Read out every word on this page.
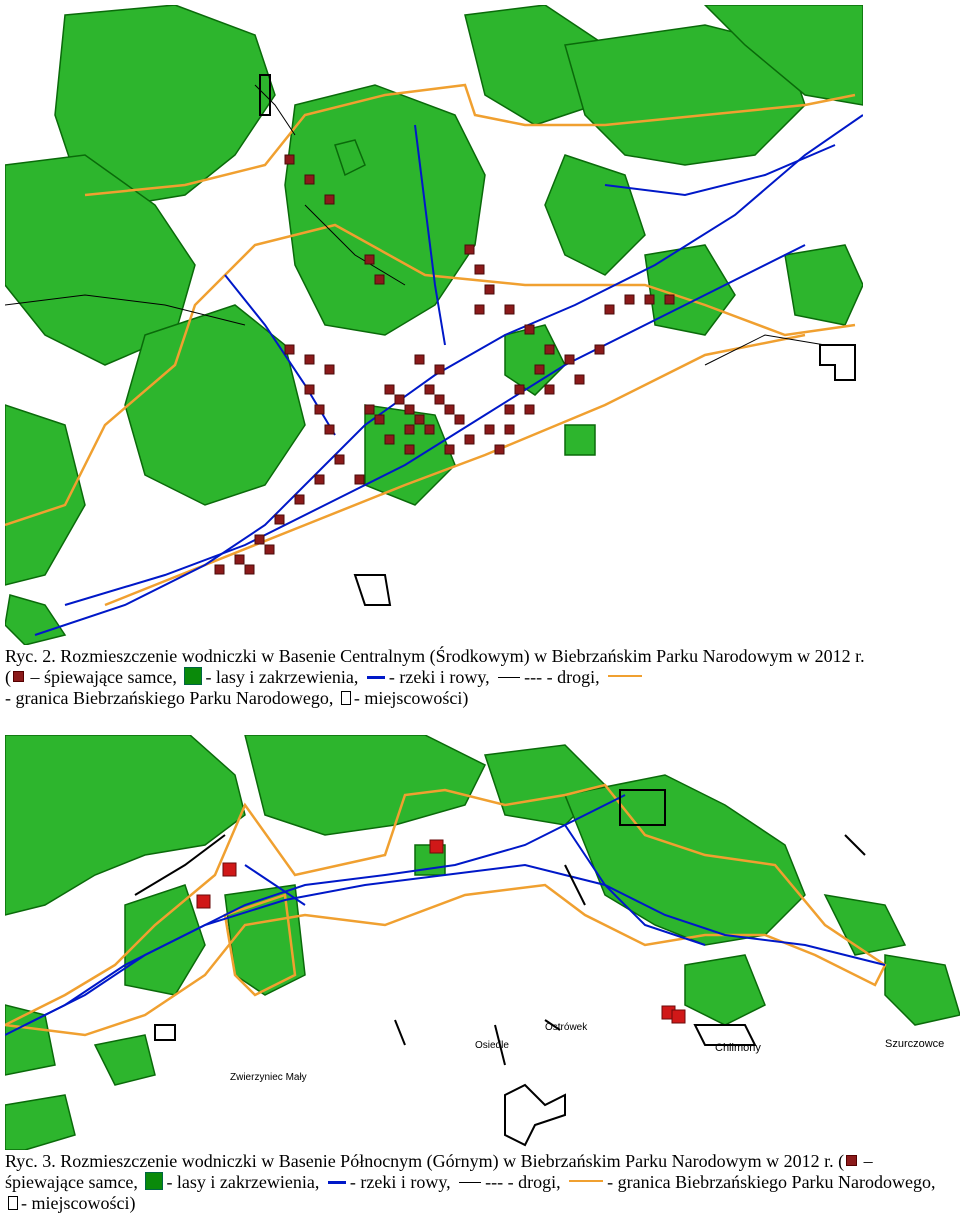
Ryc. 2. Rozmieszczenie wodniczki w Basenie Centralnym (Środkowym) w Biebrzańskim Parku Narodowym w 2012 r. ( – śpiewające samce, - lasy i zakrzewienia, - rzeki i rowy, --- - drogi,
- granica Biebrzańskiego Parku Narodowego, - miejscowości)
Chlimony	Szurczowce
Zwierzyniec Mały
Ostrówek
Osiedle
Ryc. 3. Rozmieszczenie wodniczki w Basenie Północnym (Górnym) w Biebrzańskim Parku Narodowym w 2012 r. ( – śpiewające samce, - lasy i zakrzewienia, - rzeki i rowy, --- - drogi,	- granica Biebrzańskiego Parku Narodowego, - miejscowości)
